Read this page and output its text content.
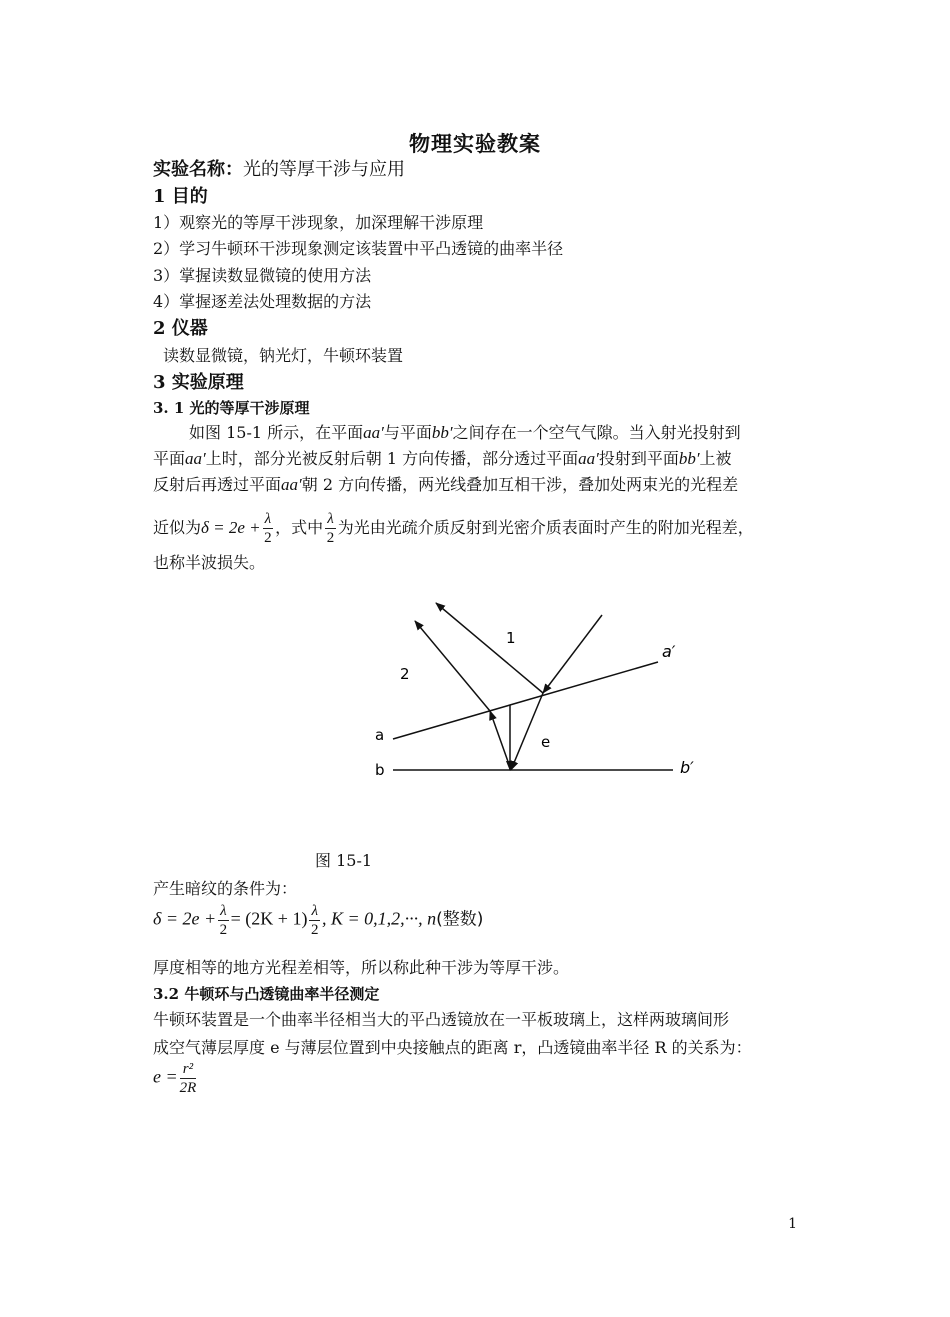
物理实验教案
实验名称：光的等厚干涉与应用
1 目的
1）观察光的等厚干涉现象，加深理解干涉原理
2）学习牛顿环干涉现象测定该装置中平凸透镜的曲率半径
3）掌握读数显微镜的使用方法
4）掌握逐差法处理数据的方法
2 仪器
读数显微镜，钠光灯，牛顿环装置
3 实验原理
3. 1 光的等厚干涉原理
如图 15-1 所示，在平面aa′与平面bb′之间存在一个空气气隙。当入射光投射到
平面aa′上时，部分光被反射后朝 1 方向传播，部分透过平面aa′投射到平面bb′上被
反射后再透过平面aa′朝 2 方向传播，两光线叠加互相干涉，叠加处两束光的光程差
近似为$\delta = 2e + \frac{\lambda}{2}$ ，式中 $\frac{\lambda}{2}$ 为光由光疏介质反射到光密介质表面时产生的附加光程差，
也称半波损失。
1
2
a
a′
b	b′
e
图 15-1
产生暗纹的条件为：
$\delta = 2e + \frac{\lambda}{2} = (2K + 1) \frac{\lambda}{2}$ , K = 0,1,2,···, n(整数)
厚度相等的地方光程差相等，所以称此种干涉为等厚干涉。
3.2 牛顿环与凸透镜曲率半径测定
牛顿环装置是一个曲率半径相当大的平凸透镜放在一平板玻璃上，这样两玻璃间形
成空气薄层厚度 e 与薄层位置到中央接触点的距离 r，凸透镜曲率半径 R 的关系为：
$e = \frac{\text{r²}}{2R}$
1
